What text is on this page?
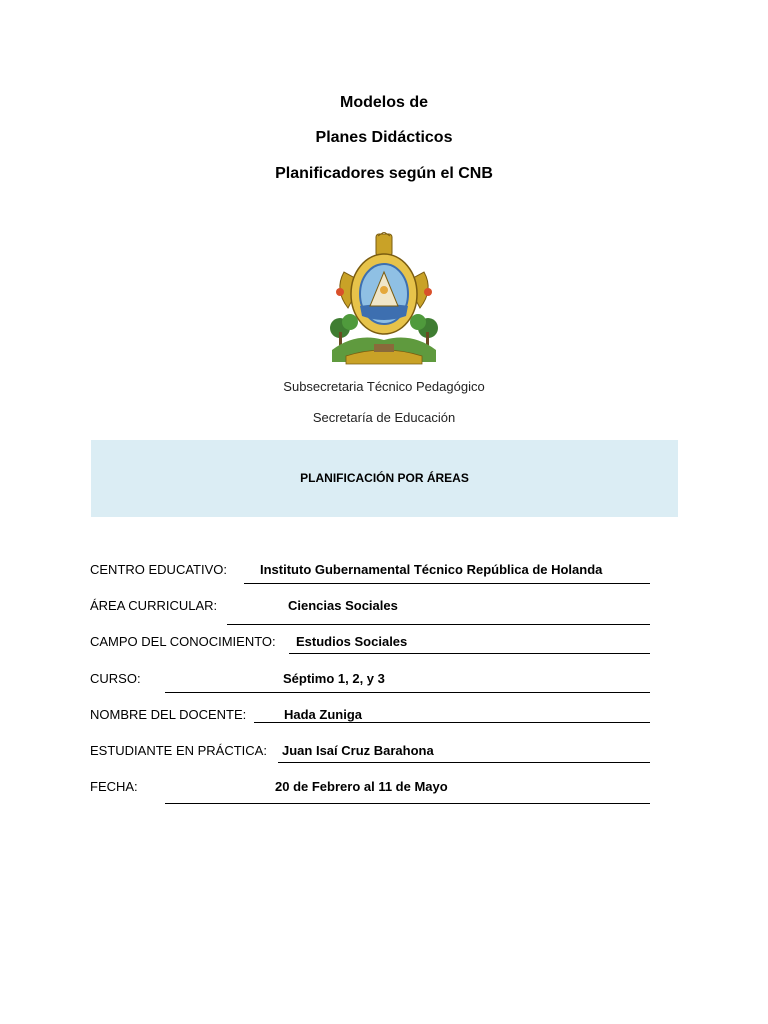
Modelos de
Planes Didácticos
Planificadores según el CNB
Subsecretaria Técnico Pedagógico
Secretaría de Educación
PLANIFICACIÓN POR ÁREAS
CENTRO EDUCATIVO:	Instituto Gubernamental Técnico República de Holanda
ÁREA CURRICULAR:	Ciencias Sociales
CAMPO DEL CONOCIMIENTO: Estudios Sociales
CURSO:	Séptimo 1, 2, y 3
NOMBRE DEL DOCENTE:	Hada Zuniga
ESTUDIANTE EN PRÁCTICA: Juan Isaí Cruz Barahona
FECHA:	20 de Febrero al 11 de Mayo
